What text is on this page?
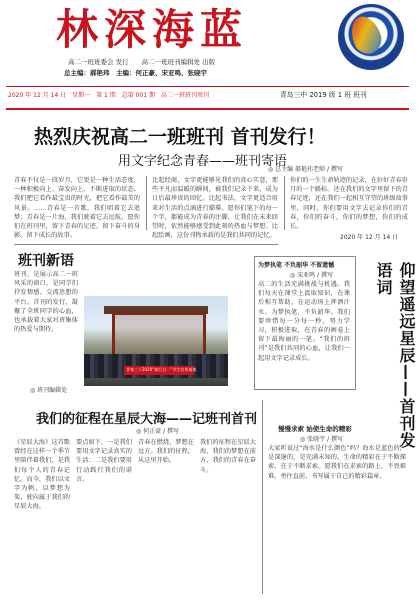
林深海蓝
高二一班班委会 发行　　高二一班班刊编辑处 出版
总主编：郝艳玮　主编：何正豪、宋亚鸣、张晓宇
2020 年 12 月 14 日　星期一　第 1 期　总第 001 期　高二一班班刊周刊	青岛三中 2019 级 1 班 班刊
热烈庆祝高二一班班刊 首刊发行！
用文字纪念青春——班刊寄语
◎ 总主编 郝艳玮老师 / 撰写
青春不仅是一段岁月，它更是一种生活态度，一种积极向上、奋发向上、不断进取的状态。我们把它看作最宝贵的时光，把它看作最美的风景。……青春是一首歌，我们唱着它去追梦；青春是一片海，我们驶着它去远航。愿你们在班刊里，留下青春的足迹，留下奋斗的身影，留下成长的故事。
比起经商，文字更能够见我们的真心实意，那些平凡而温暖的瞬间，被我们记录下来，成为日后最珍贵的回忆。比起书法，文字更适合用来对生活的点滴进行描摹。愿你们笔下的每一个字，都能成为青春的注脚，让我们在未来回望时，依然能够感受到此刻的热血与梦想。比起绘画，这份刊物承载的是我们共同的记忆。
你们的一生生命轨迹的记录，在好好青春岁月的一个路标。还在我们的文字里留下的青春足迹，还在我们一起相互守望的班级故事里，同时，你们要用文字去记录你们的青春，你们的奋斗，你们的梦想，你们的成长。
2020 年 12 月 14 日
班刊新语
班刊，是展示高二一班风采的窗口，是同学们抒发情感、交流思想的平台。首刊的发行，凝聚了全班同学的心血，也承载着大家对班集体的热爱与期待。
◎ 班刊编辑处
青春三十2020“知行合一”学生宣传基地
为梦执笔 不负韶华 不留遗憾
◎ 宋亚鸣 / 撰写
高二的生活充满挑战与机遇。我们每天在课堂上汲取知识，在课后相互帮助，在运动场上挥洒汗水。为梦执笔，不负韶华。我们要珍惜每一分每一秒，努力学习，积极进取，在青春的画卷上留下最绚丽的一笔。“我们的班刊”是我们共同的心血，让我们一起用文字记录成长。	仰望遥远星辰——首刊发语词
我们的征程在星辰大海——记班刊首刊
◎ 何正豪 / 撰写
《星辰大海》这首歌曾经在这样一个季节里陪伴着我们，是我们每个人的青春记忆。而今，我们以文字为帆，以梦想为桨，驶向属于我们的星辰大海。
要点如下，一是我们要用文字记录真实的生活；二是我们要用行动践行我们的诺言。
青春在燃烧，梦想在远方。我们的征程，从这里开始。
我们的征程在星辰大海，我们的梦想在前方，我们的青春在奋斗。
慢慢求索 始使生命的精彩
◎ 张晓宇 / 撰写
大家听说过“海水是什么颜色”吗？海水是蓝色的，是深邃的，是充满未知的。生命的精彩在于不断探索，在于不断求索。愿我们在求索的路上，不畏艰难，勇往直前，书写属于自己的精彩篇章。
